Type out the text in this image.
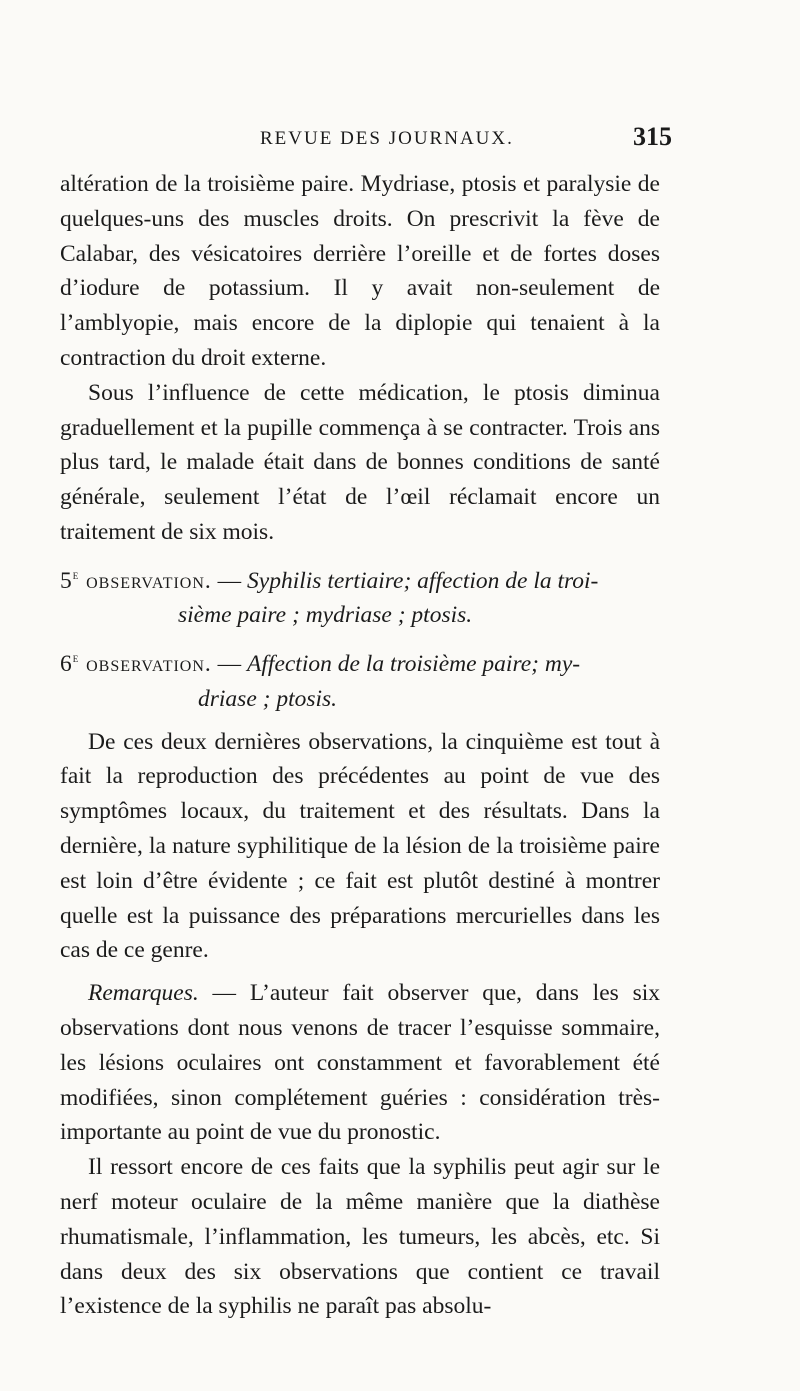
REVUE DES JOURNAUX.	315

altération de la troisième paire. Mydriase, ptosis et paralysie de quelques-uns des muscles droits. On prescrivit la fève de Calabar, des vésicatoires derrière l’oreille et de fortes doses d’iodure de potassium. Il y avait non-seulement de l’amblyopie, mais encore de la diplopie qui tenaient à la contraction du droit externe.

Sous l’influence de cette médication, le ptosis diminua graduellement et la pupille commença à se contracter. Trois ans plus tard, le malade était dans de bonnes conditions de santé générale, seulement l’état de l’œil réclamait encore un traitement de six mois.

5e observation. — Syphilis tertiaire; affection de la troi-
sième paire ; mydriase ; ptosis.
6e observation. — Affection de la troisième paire; my-
driase ; ptosis.

De ces deux dernières observations, la cinquième est tout à fait la reproduction des précédentes au point de vue des symptômes locaux, du traitement et des résultats. Dans la dernière, la nature syphilitique de la lésion de la troisième paire est loin d’être évidente ; ce fait est plutôt destiné à montrer quelle est la puissance des préparations mercurielles dans les cas de ce genre.

Remarques. — L’auteur fait observer que, dans les six observations dont nous venons de tracer l’esquisse sommaire, les lésions oculaires ont constamment et favorablement été modifiées, sinon complétement guéries : considération très-importante au point de vue du pronostic.

Il ressort encore de ces faits que la syphilis peut agir sur le nerf moteur oculaire de la même manière que la diathèse rhumatismale, l’inflammation, les tumeurs, les abcès, etc. Si dans deux des six observations que contient ce travail l’existence de la syphilis ne paraît pas absolu-
